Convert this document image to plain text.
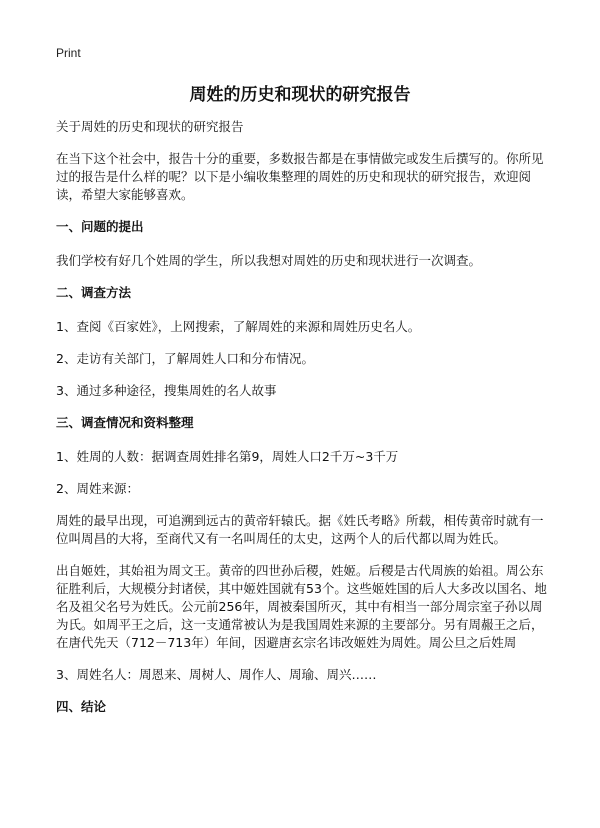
Print
周姓的历史和现状的研究报告

关于周姓的历史和现状的研究报告

在当下这个社会中，报告十分的重要，多数报告都是在事情做完或发生后撰写的。你所见过的报告是什么样的呢？以下是小编收集整理的周姓的历史和现状的研究报告，欢迎阅读，希望大家能够喜欢。

一、问题的提出

我们学校有好几个姓周的学生，所以我想对周姓的历史和现状进行一次调查。

二、调查方法

1、查阅《百家姓》，上网搜索，了解周姓的来源和周姓历史名人。

2、走访有关部门，了解周姓人口和分布情况。

3、通过多种途径，搜集周姓的名人故事

三、调查情况和资料整理

1、姓周的人数：据调查周姓排名第9，周姓人口2千万~3千万

2、周姓来源：

周姓的最早出现，可追溯到远古的黄帝轩辕氏。据《姓氏考略》所载，相传黄帝时就有一位叫周昌的大将，至商代又有一名叫周任的太史，这两个人的后代都以周为姓氏。

出自姬姓，其始祖为周文王。黄帝的四世孙后稷，姓姬。后稷是古代周族的始祖。周公东征胜利后，大规模分封诸侯，其中姬姓国就有53个。这些姬姓国的后人大多改以国名、地名及祖父名号为姓氏。公元前256年，周被秦国所灭，其中有相当一部分周宗室子孙以周为氏。如周平王之后，这一支通常被认为是我国周姓来源的主要部分。另有周赧王之后，在唐代先天（712－713年）年间，因避唐玄宗名讳改姬姓为周姓。周公旦之后姓周

3、周姓名人：周恩来、周树人、周作人、周瑜、周兴……

四、结论
